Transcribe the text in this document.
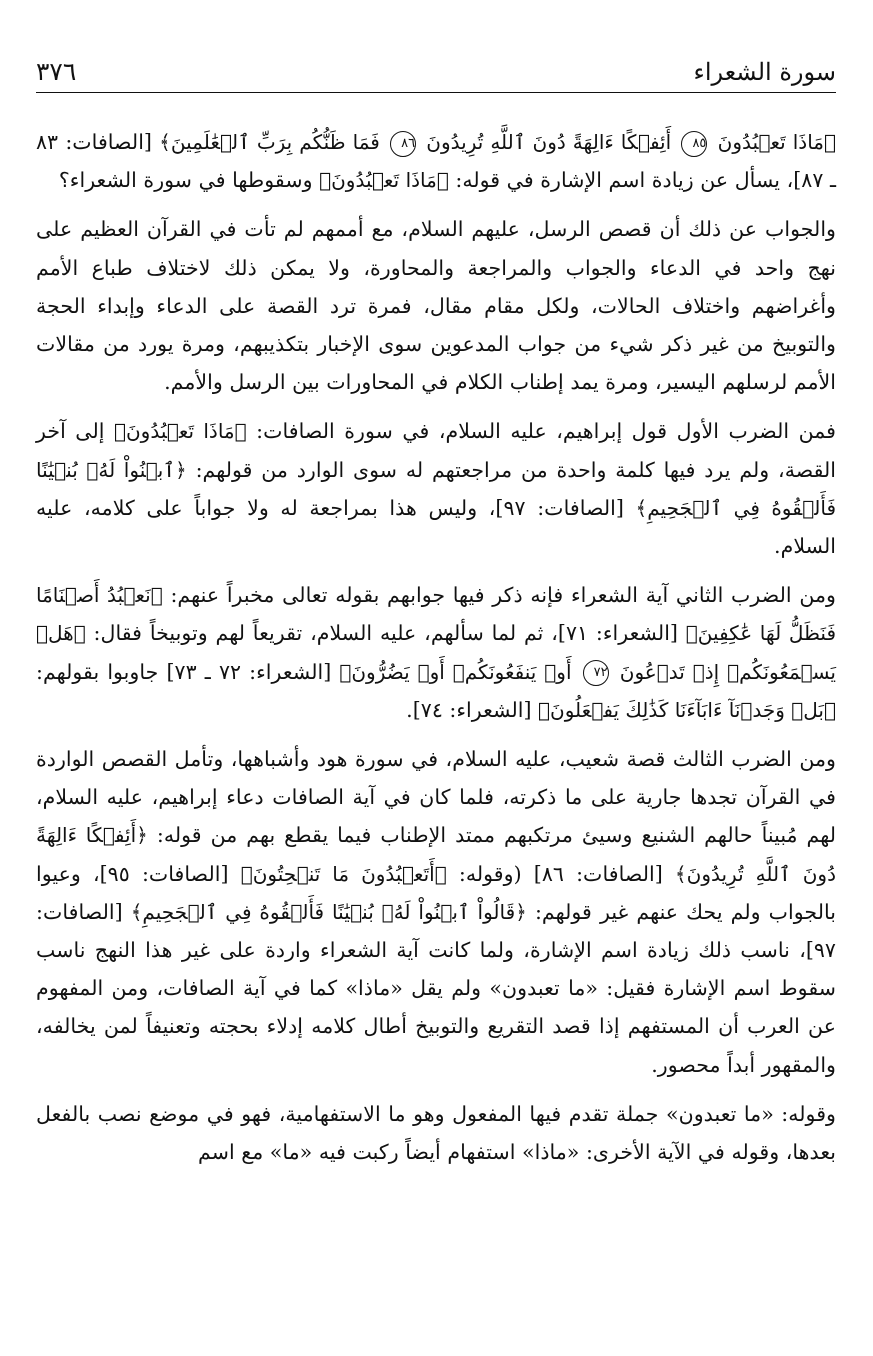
سورة الشعراء
٣٧٦

﴿مَاذَا تَعۡبُدُونَ ٨٥ أَئِفۡكًا ءَالِهَةً دُونَ ٱللَّهِ تُرِيدُونَ ٨٦ فَمَا ظَنُّكُم بِرَبِّ ٱلۡعَٰلَمِينَ﴾ [الصافات: ٨٣ ـ ٨٧]، يسأل عن زيادة اسم الإشارة في قوله: ﴿مَاذَا تَعۡبُدُونَ﴾ وسقوطها في سورة الشعراء؟

والجواب عن ذلك أن قصص الرسل، عليهم السلام، مع أممهم لم تأت في القرآن العظيم على نهج واحد في الدعاء والجواب والمراجعة والمحاورة، ولا يمكن ذلك لاختلاف طباع الأمم وأغراضهم واختلاف الحالات، ولكل مقام مقال، فمرة ترد القصة على الدعاء وإبداء الحجة والتوبيخ من غير ذكر شيء من جواب المدعوين سوى الإخبار بتكذيبهم، ومرة يورد من مقالات الأمم لرسلهم اليسير، ومرة يمد إطناب الكلام في المحاورات بين الرسل والأمم.

فمن الضرب الأول قول إبراهيم، عليه السلام، في سورة الصافات: ﴿مَاذَا تَعۡبُدُونَ﴾ إلى آخر القصة، ولم يرد فيها كلمة واحدة من مراجعتهم له سوى الوارد من قولهم: ﴿ٱبۡنُواْ لَهُۥ بُنۡيَٰنًا فَأَلۡقُوهُ فِي ٱلۡجَحِيمِ﴾ [الصافات: ٩٧]، وليس هذا بمراجعة له ولا جواباً على كلامه، عليه السلام.

ومن الضرب الثاني آية الشعراء فإنه ذكر فيها جوابهم بقوله تعالى مخبراً عنهم: ﴿نَعۡبُدُ أَصۡنَامًا فَنَظَلُّ لَهَا عَٰكِفِينَ﴾ [الشعراء: ٧١]، ثم لما سألهم، عليه السلام، تقريعاً لهم وتوبيخاً فقال: ﴿هَلۡ يَسۡمَعُونَكُمۡ إِذۡ تَدۡعُونَ ٧٢ أَوۡ يَنفَعُونَكُمۡ أَوۡ يَضُرُّونَ﴾ [الشعراء: ٧٢ ـ ٧٣] جاوبوا بقولهم: ﴿بَلۡ وَجَدۡنَآ ءَابَآءَنَا كَذَٰلِكَ يَفۡعَلُونَ﴾ [الشعراء: ٧٤].

ومن الضرب الثالث قصة شعيب، عليه السلام، في سورة هود وأشباهها، وتأمل القصص الواردة في القرآن تجدها جارية على ما ذكرته، فلما كان في آية الصافات دعاء إبراهيم، عليه السلام، لهم مُبيناً حالهم الشنيع وسيئ مرتكبهم ممتد الإطناب فيما يقطع بهم من قوله: ﴿أَئِفۡكًا ءَالِهَةً دُونَ ٱللَّهِ تُرِيدُونَ﴾ [الصافات: ٨٦] (وقوله: ﴿أَتَعۡبُدُونَ مَا تَنۡحِتُونَ﴾ [الصافات: ٩٥]، وعيوا بالجواب ولم يحك عنهم غير قولهم: ﴿قَالُواْ ٱبۡنُواْ لَهُۥ بُنۡيَٰنًا فَأَلۡقُوهُ فِي ٱلۡجَحِيمِ﴾ [الصافات: ٩٧]، ناسب ذلك زيادة اسم الإشارة، ولما كانت آية الشعراء واردة على غير هذا النهج ناسب سقوط اسم الإشارة فقيل: «ما تعبدون» ولم يقل «ماذا» كما في آية الصافات، ومن المفهوم عن العرب أن المستفهم إذا قصد التقريع والتوبيخ أطال كلامه إدلاء بحجته وتعنيفاً لمن يخالفه، والمقهور أبداً محصور.

وقوله: «ما تعبدون» جملة تقدم فيها المفعول وهو ما الاستفهامية، فهو في موضع نصب بالفعل بعدها، وقوله في الآية الأخرى: «ماذا» استفهام أيضاً ركبت فيه «ما» مع اسم
